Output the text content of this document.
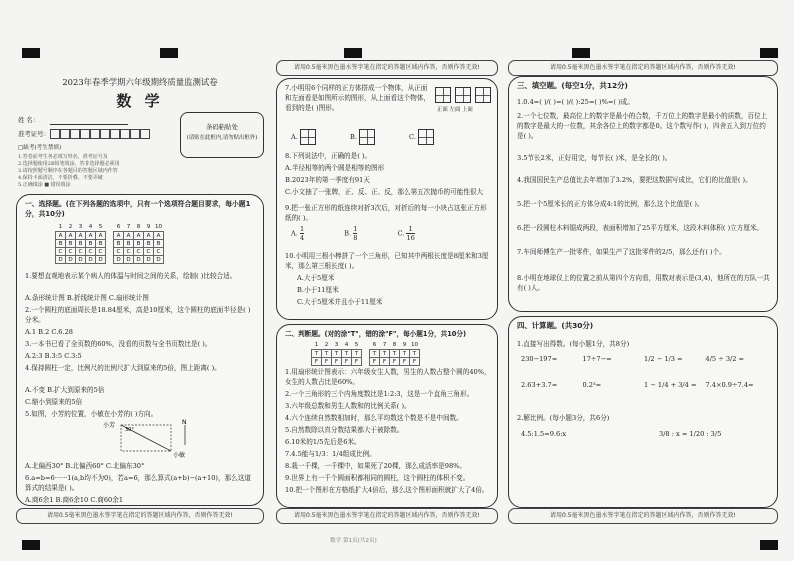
2023年春季学期六年级期终质量监测试卷
数 学
姓 名：
准考证号：
条码粘贴处
(请贴在此框内,请勿贴出框外)
□缺考(考生禁填)
1.答卷前考生务必填写姓名、准考证号及
2.选择题使用2B铅笔填涂，答非选择题必须用
3.请按照题号顺序在各题目的答题区域内作答
4.保持卡面清洁，不要折叠、不要弄破
5.正确填涂 ■ 错误填涂
一、选择题。(在下列各题的选项中，只有一个选项符合题目要求，每小题1分，共10分)
1	2	3	4	5		6	7	8	9	10
A	A	A	A	A		A	A	A	A	A
B	B	B	B	B		B	B	B	B	B
C	C	C	C	C		C	C	C	C	C
D	D	D	D	D		D	D	D	D	D
1.要想直观地表示某个病人的体温与时间之间的关系，绘制( )比较合适。
A.条形统计图 B.折线统计图 C.扇形统计图
2.一个圆柱的底面周长是18.84厘米，高是10厘米，这个圆柱的底面半径是( )分米。
A.1 B.2 C.6.28
3.一本书已看了全页数的60%，没看的页数与全书页数比是( )。
A.2:3 B.3:5 C.3:5
4.保持圆柱一定，比例尺的比例尺扩大到原来的5倍，图上距离( )。
A.不变 B.扩大到原来的5倍
C.缩小到原来的5倍
5.如图，小芳的位置，小敏在小芳的( )方向。
小芳
30°
N
小敏
A.北偏西30° B.北偏西60° C.北偏东30°
6.a=b=6······1(a,b均不为0)，若a=6，那么算式(a+b)−(a+10)，那么这道算式的结果是( )。
A.商6余1 B.商6余10 C.商60余1
请用0.5毫米黑色墨水签字笔在指定的答题区域内作答，否则作答无效!
请用0.5毫米黑色墨水签字笔在指定的答题区域内作答，否则作答无效!
7.小明用6个同样的正方体搭成一个物体，从正面和左面看是如图所示的图形，从上面看这个物体，看到的是( )图形。	正面 左面 上面
A.	B.	C.
8.下列说法中，正确的是( )。
A.半径相等的两个圆是相等的图形
B.2023年的第一季度有91天
C.小文抽了一张牌，正、反、正、反，那么第五次抛币的可能性很大
9.把一张正方形的纸连续对折3次后，对折后的每一小块占这张正方形纸的( )。
A. $\frac{1}{4}$	B. $\frac{1}{8}$	C. $\frac{1}{16}$
10.小明用三根小棒拼了一个三角形，已知其中两根长度是8厘米和3厘米，那么第三根长度( )。
A.大于5厘米
B.小于11厘米
C.大于5厘米并且小于11厘米
二、判断题。(对的涂"T"，错的涂"F"，每小题1分，共10分)
1	2	3	4	5		6	7	8	9	10
T	T	T	T	T		T	T	T	T	T
F	F	F	F	F		F	F	F	F	F
1.用扇形统计图表示：六年级女生人数，男生的人数占整个圆的40%，女生的人数占比是60%。
2.一个三角形的三个内角度数比是1:2:3，这是一个直角三角形。
3.六年级总数和男生人数和的比例关系( )。
4.六个连续自然数相加时，那么平均数这个数是不是中间数。
5.自然数除以真分数结果都大于被除数。
6.10米的1/5先后是6米。
7.4.5能与1/3：1/4组成比例。
8.栽一千棵，一千棵中，如果死了20棵，那么成活率是98%。
9.世界上有一千个圆面积都相同的圆柱，这个圆柱的体积不变。
10.把一个图形在方格纸扩大4倍后，那么这个图形面积就扩大了4倍。
请用0.5毫米黑色墨水签字笔在指定的答题区域内作答，否则作答无效!
请用0.5毫米黑色墨水签字笔在指定的答题区域内作答，否则作答无效!
三、填空题。(每空1分，共12分)
1.0.4=( )/( )=( )/( ):25=( )%=( )成。
2.一个七位数，最高位上的数字是最小的合数，千万位上的数字是最小的质数，百位上的数字是最大的一位数，其余各位上的数字都是0。这个数写作( )，四舍五入到万位约是( )。
3.5节长2米，正好用完，每节长( )米，是全长的( )。
4.我国国民生产总值比去年增加了3.2%，要把这数据写成比，它们的比值是( )。
5.把一个5厘米长的正方体分成4:1的比例，那么这个比值是( )。
6.把一段圆柱木料锯成两段，表面积增加了25平方厘米，这段木料体积( )立方厘米。
7.车间师傅生产一批零件，如果生产了这批零件的2/5，那么还有( )个。
8.小明在地球仪上的位置之前从第四个方向看，用数对表示是(3,4)，他所在的方队一共有( )人。
四、计算题。(共30分)
1.直接写出得数。(每小题1分，共8分)
230−197=	17÷7−=	1/2 − 1/3 =	4/5 ÷ 3/2 =
2.63+3.7=	0.2³=	1 − 1/4 + 3/4 =	7.4×0.9÷7.4=
2.解比例。(每小题3分，共6分)
4.5:1.5=9.6:x	3/8 : x = 1/20 : 3/5
请用0.5毫米黑色墨水签字笔在指定的答题区域内作答，否则作答无效!
数学 第1页(共2页)
